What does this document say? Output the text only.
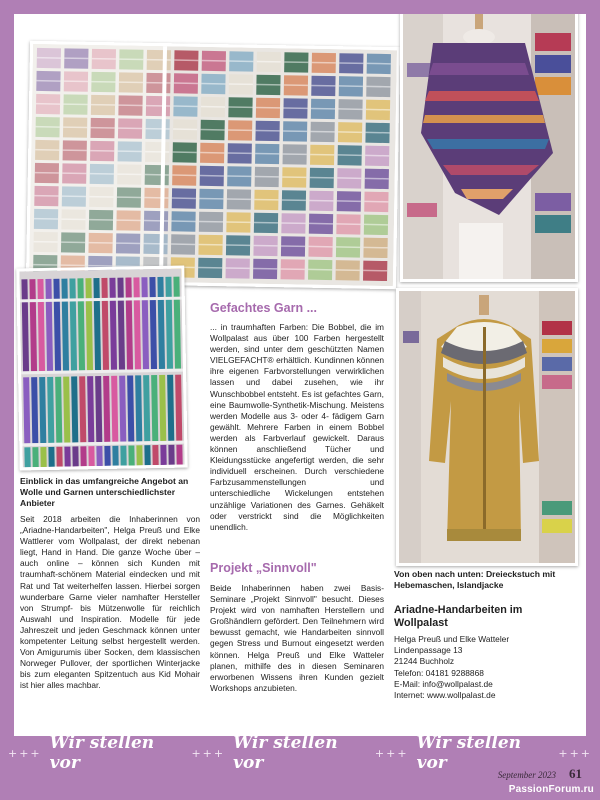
Einblick in das umfangreiche Angebot an Wolle und Garnen unterschiedlichster Anbieter
Seit 2018 arbeiten die Inhaberinnen von „Ariadne-Handarbeiten", Helga Preuß und Elke Wattlerer vom Wollpalast, der direkt nebenan liegt, Hand in Hand. Die ganze Woche über – auch online – können sich Kunden mit traumhaft-schönem Material eindecken und mit Rat und Tat weiterhelfen lassen. Hierbei sorgen wunderbare Garne vieler namhafter Hersteller von Strumpf- bis Mützenwolle für reichlich Auswahl und Inspiration. Modelle für jede Jahreszeit und jeden Geschmack können unter kompetenter Leitung selbst hergestellt werden. Von Amigurumis über Socken, dem klassischen Norweger Pullover, der sportlichen Winterjacke bis zum eleganten Spitzentuch aus Kid Mohair ist hier alles machbar.
Gefachtes Garn ...
... in traumhaften Farben: Die Bobbel, die im Wollpalast aus über 100 Farben hergestellt werden, sind unter dem geschützten Namen VIELGEFACHT® erhältlich. Kundinnen können ihre eigenen Farbvorstellungen verwirklichen lassen und dabei zusehen, wie ihr Wunschbobbel entsteht. Es ist gefachtes Garn, eine Baumwolle-Synthetik-Mischung. Meistens werden Modelle aus 3- oder 4- fädigem Garn gewählt. Mehrere Farben in einem Bobbel werden als Farbverlauf gewickelt. Daraus können anschließend Tücher und Kleidungsstücke angefertigt werden, die sehr individuell erscheinen. Durch verschiedene Farbzusammenstellungen und unterschiedliche Wickelungen entstehen unzählige Variationen des Garnes. Gehäkelt oder verstrickt sind die Möglichkeiten unendlich.
Projekt „Sinnvoll"
Beide Inhaberinnen haben zwei Basis-Seminare „Projekt Sinnvoll" besucht. Dieses Projekt wird von namhaften Herstellern und Großhändlern gefördert. Den Teilnehmern wird bewusst gemacht, wie Handarbeiten sinnvoll gegen Stress und Burnout eingesetzt werden können. Helga Preuß und Elke Watteler planen, mithilfe des in diesen Seminaren erworbenen Wissens ihren Kunden gezielt Workshops anzubieten.
Von oben nach unten: Dreieckstuch mit Hebemaschen, Islandjacke
Ariadne-Handarbeiten im Wollpalast
Helga Preuß und Elke Watteler
Lindenpassage 13
21244 Buchholz
Telefon: 04181 9288868
E-Mail: info@wollpalast.de
Internet: www.wollpalast.de
+++ Wir stellen vor	+++ Wir stellen vor	+++ Wir stellen vor	+++
September 2023 61
PassionForum.ru
